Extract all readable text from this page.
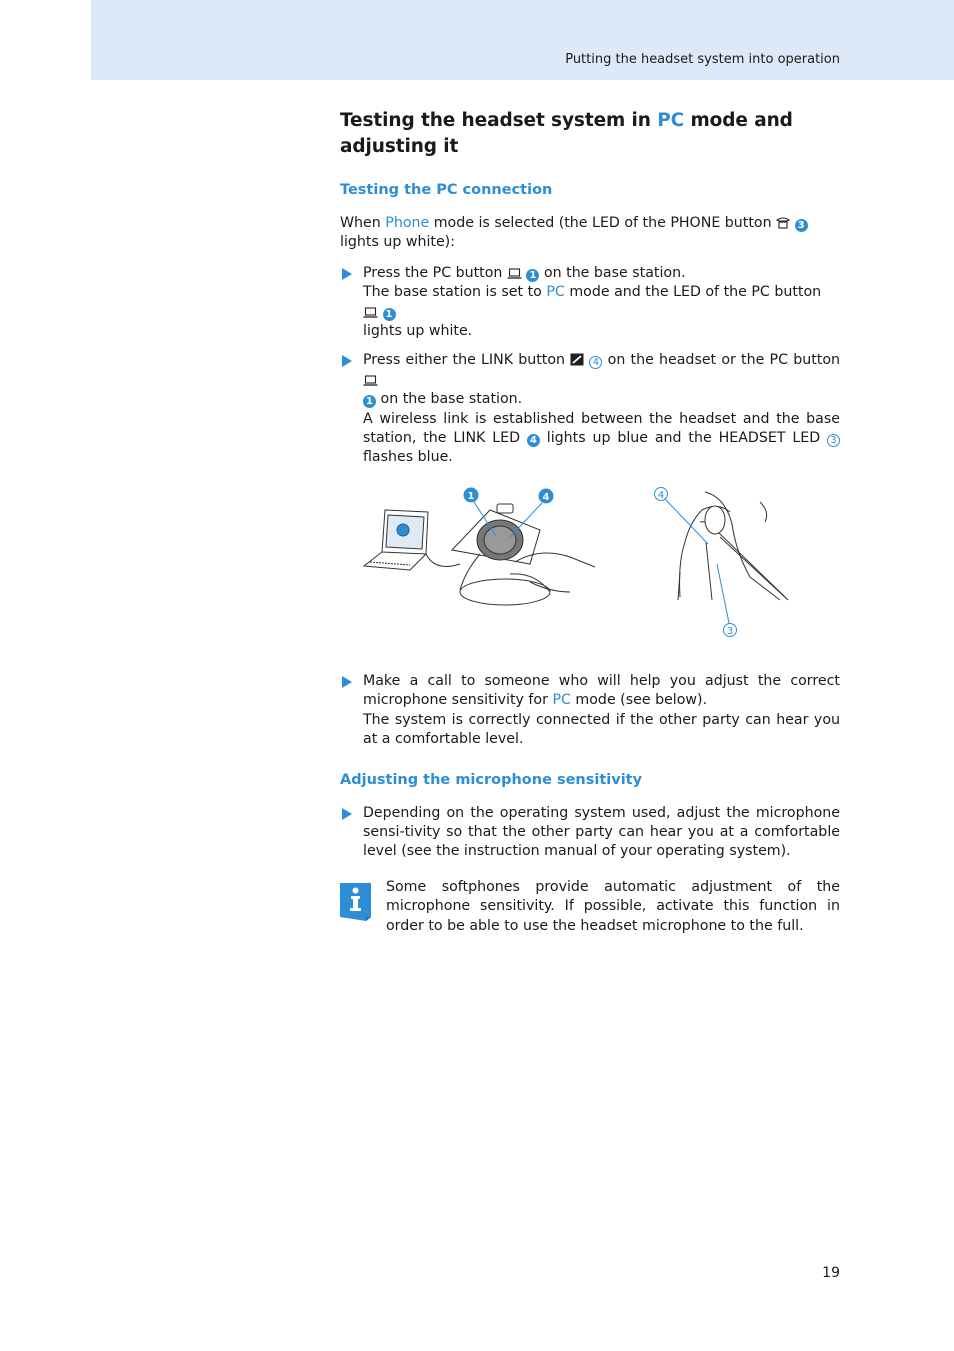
Putting the headset system into operation
Testing the headset system in PC mode and adjusting it
Testing the PC connection

When Phone mode is selected (the LED of the PHONE button  3 lights up white):

Press the PC button  1 on the base station.
The base station is set to PC mode and the LED of the PC button  1
lights up white.
Press either the LINK button  4 on the headset or the PC button
1 on the base station.
A wireless link is established between the headset and the base station, the LINK LED 4 lights up blue and the HEADSET LED 3 flashes blue.
1	4	4
3
Make a call to someone who will help you adjust the correct microphone sensitivity for PC mode (see below).
The system is correctly connected if the other party can hear you at a comfortable level.
Adjusting the microphone sensitivity
Depending on the operating system used, adjust the microphone sensi-tivity so that the other party can hear you at a comfortable level (see the instruction manual of your operating system).

Some softphones provide automatic adjustment of the microphone sensitivity. If possible, activate this function in order to be able to use the headset microphone to the full.

19
